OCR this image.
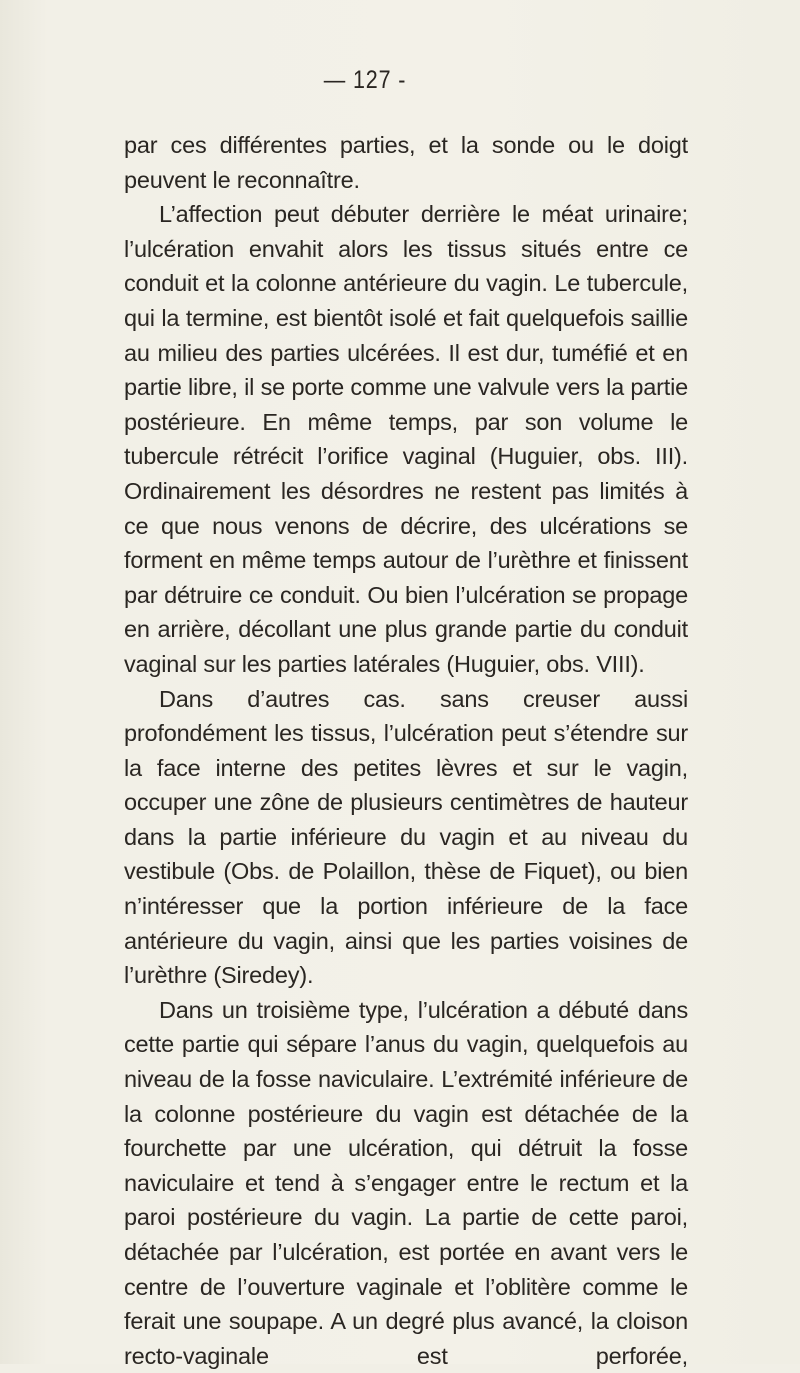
— 127 -

par ces différentes parties, et la sonde ou le doigt peuvent le reconnaître.

L’affection peut débuter derrière le méat urinaire; l’ulcération envahit alors les tissus situés entre ce conduit et la colonne antérieure du vagin. Le tubercule, qui la termine, est bientôt isolé et fait quelquefois saillie au milieu des parties ulcérées. Il est dur, tuméfié et en partie libre, il se porte comme une valvule vers la partie postérieure. En même temps, par son volume le tubercule rétrécit l’orifice vaginal (Huguier, obs. III). Ordinairement les désordres ne restent pas limités à ce que nous venons de décrire, des ulcérations se forment en même temps autour de l’urèthre et finissent par détruire ce conduit. Ou bien l’ulcération se propage en arrière, décollant une plus grande partie du conduit vaginal sur les parties latérales (Huguier, obs. VIII).

Dans d’autres cas. sans creuser aussi profondément les tissus, l’ulcération peut s’étendre sur la face interne des petites lèvres et sur le vagin, occuper une zône de plusieurs centimètres de hauteur dans la partie inférieure du vagin et au niveau du vestibule (Obs. de Polaillon, thèse de Fiquet), ou bien n’intéresser que la portion inférieure de la face antérieure du vagin, ainsi que les parties voisines de l’urèthre (Siredey).

Dans un troisième type, l’ulcération a débuté dans cette partie qui sépare l’anus du vagin, quelquefois au niveau de la fosse naviculaire. L’extrémité inférieure de la colonne postérieure du vagin est détachée de la fourchette par une ulcération, qui détruit la fosse naviculaire et tend à s’engager entre le rectum et la paroi postérieure du vagin. La partie de cette paroi, détachée par l’ulcération, est portée en avant vers le centre de l’ouverture vaginale et l’oblitère comme le ferait une soupape. A un degré plus avancé, la cloison recto-vaginale est perforée,
